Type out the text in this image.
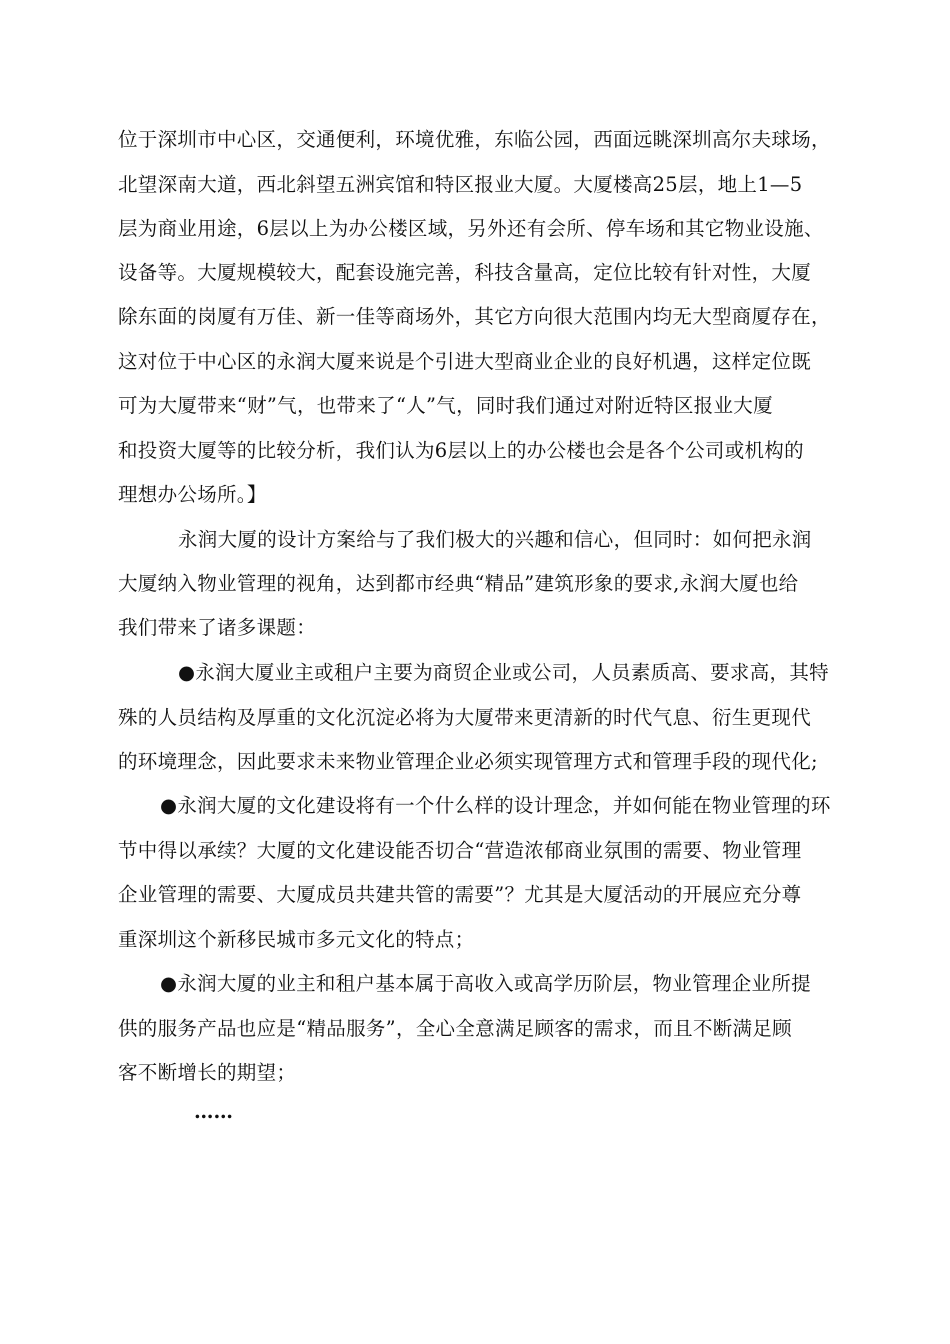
位于深圳市中心区，交通便利，环境优雅，东临公园，西面远眺深圳高尔夫球场，
北望深南大道，西北斜望五洲宾馆和特区报业大厦。大厦楼高25层，地上1—5
层为商业用途，6层以上为办公楼区域，另外还有会所、停车场和其它物业设施、
设备等。大厦规模较大，配套设施完善，科技含量高，定位比较有针对性，大厦
除东面的岗厦有万佳、新一佳等商场外，其它方向很大范围内均无大型商厦存在，
这对位于中心区的永润大厦来说是个引进大型商业企业的良好机遇，这样定位既
可为大厦带来“财”气，也带来了“人”气，同时我们通过对附近特区报业大厦
和投资大厦等的比较分析，我们认为6层以上的办公楼也会是各个公司或机构的
理想办公场所。】
永润大厦的设计方案给与了我们极大的兴趣和信心，但同时：如何把永润
大厦纳入物业管理的视角，达到都市经典“精品”建筑形象的要求,永润大厦也给
我们带来了诸多课题：
●永润大厦业主或租户主要为商贸企业或公司，人员素质高、要求高，其特
殊的人员结构及厚重的文化沉淀必将为大厦带来更清新的时代气息、衍生更现代
的环境理念，因此要求未来物业管理企业必须实现管理方式和管理手段的现代化;
●永润大厦的文化建设将有一个什么样的设计理念，并如何能在物业管理的环
节中得以承续？大厦的文化建设能否切合“营造浓郁商业氛围的需要、物业管理
企业管理的需要、大厦成员共建共管的需要”？尤其是大厦活动的开展应充分尊
重深圳这个新移民城市多元文化的特点；
●永润大厦的业主和租户基本属于高收入或高学历阶层，物业管理企业所提
供的服务产品也应是“精品服务”，全心全意满足顾客的需求，而且不断满足顾
客不断增长的期望；
……
